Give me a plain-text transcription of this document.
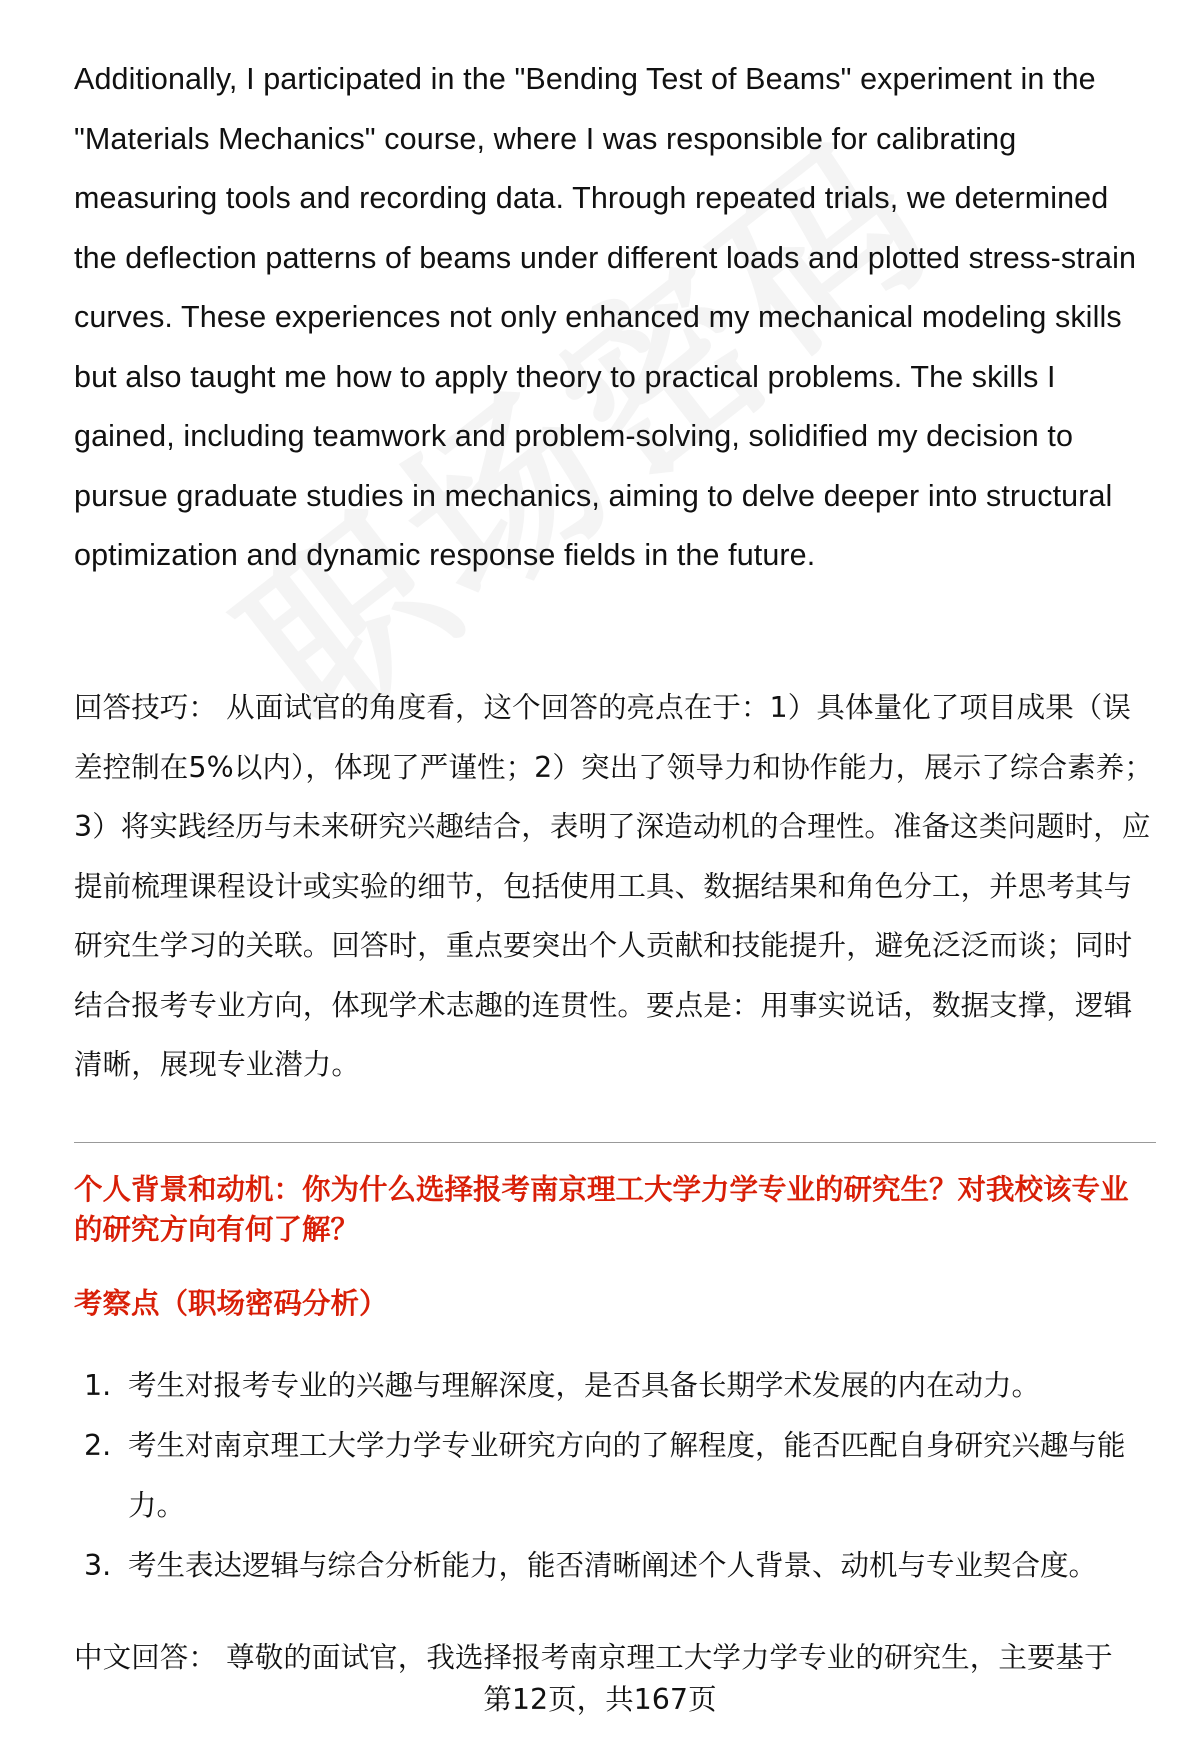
Additionally, I participated in the "Bending Test of Beams" experiment in the "Materials Mechanics" course, where I was responsible for calibrating measuring tools and recording data. Through repeated trials, we determined the deflection patterns of beams under different loads and plotted stress-strain curves. These experiences not only enhanced my mechanical modeling skills but also taught me how to apply theory to practical problems. The skills I gained, including teamwork and problem-solving, solidified my decision to pursue graduate studies in mechanics, aiming to delve deeper into structural optimization and dynamic response fields in the future.

回答技巧： 从面试官的角度看，这个回答的亮点在于：1）具体量化了项目成果（误差控制在5%以内），体现了严谨性；2）突出了领导力和协作能力，展示了综合素养；3）将实践经历与未来研究兴趣结合，表明了深造动机的合理性。准备这类问题时，应提前梳理课程设计或实验的细节，包括使用工具、数据结果和角色分工，并思考其与研究生学习的关联。回答时，重点要突出个人贡献和技能提升，避免泛泛而谈；同时结合报考专业方向，体现学术志趣的连贯性。要点是：用事实说话，数据支撑，逻辑清晰，展现专业潜力。

个人背景和动机：你为什么选择报考南京理工大学力学专业的研究生？对我校该专业的研究方向有何了解？

考察点（职场密码分析）

1. 考生对报考专业的兴趣与理解深度，是否具备长期学术发展的内在动力。
2. 考生对南京理工大学力学专业研究方向的了解程度，能否匹配自身研究兴趣与能力。
3. 考生表达逻辑与综合分析能力，能否清晰阐述个人背景、动机与专业契合度。

中文回答： 尊敬的面试官，我选择报考南京理工大学力学专业的研究生，主要基于

第12页，共167页
